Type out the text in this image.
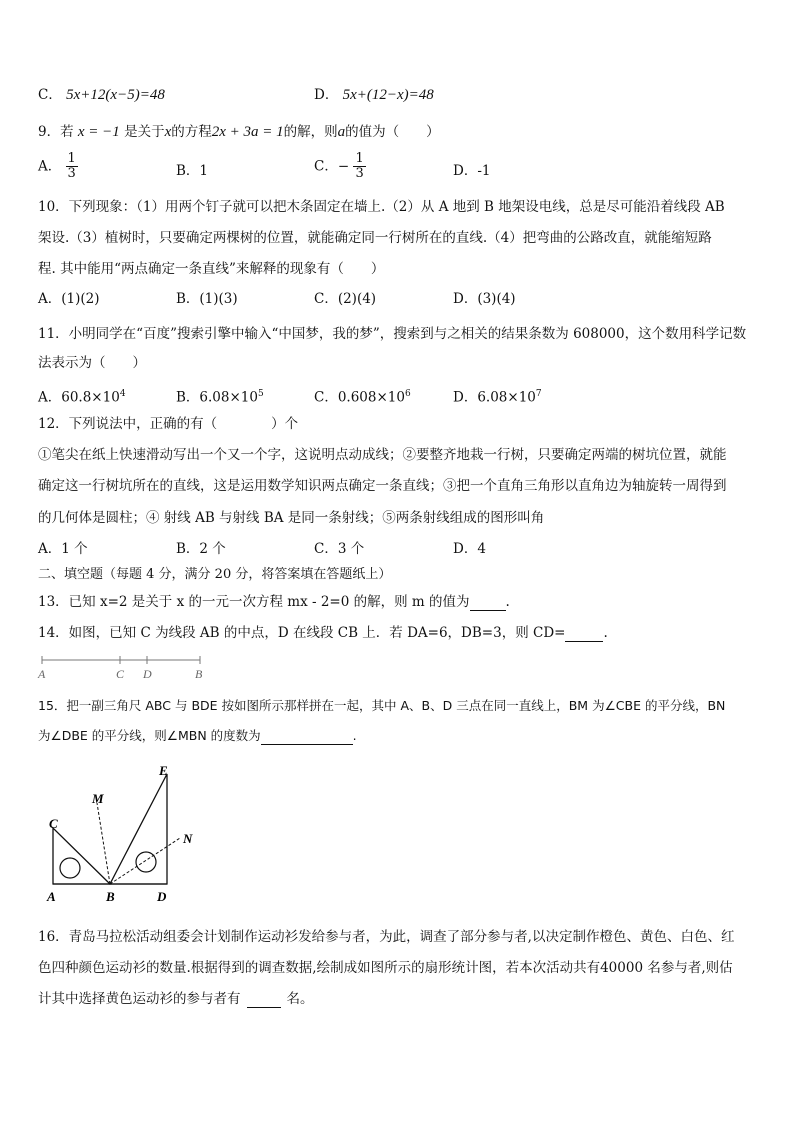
C． 5x+12(x−5)=48	D． 5x+(12−x)=48
9．若 x = −1 是关于x的方程2x + 3a = 1的解，则a的值为（　　）
A． $\frac{1}{3}$	B．1	C．− $\frac{1}{3}$	D．-1
10．下列现象：（1）用两个钉子就可以把木条固定在墙上.（2）从 A 地到 B 地架设电线，总是尽可能沿着线段 AB
架设.（3）植树时，只要确定两棵树的位置，就能确定同一行树所在的直线.（4）把弯曲的公路改直，就能缩短路
程. 其中能用“两点确定一条直线”来解释的现象有（　　）
A．(1)(2)	B．(1)(3)	C．(2)(4)	D．(3)(4)
11．小明同学在“百度”搜索引擎中输入“中国梦，我的梦”，搜索到与之相关的结果条数为 608000，这个数用科学记数
法表示为（　　）
A．$60.8\times 10^4$	B．$6.08\times 10^5$	C．$0.608\times 10^6$	D．$6.08\times 10^7$
12．下列说法中，正确的有（　　　　）个
①笔尖在纸上快速滑动写出一个又一个字，这说明点动成线；②要整齐地栽一行树，只要确定两端的树坑位置，就能
确定这一行树坑所在的直线，这是运用数学知识两点确定一条直线；③把一个直角三角形以直角边为轴旋转一周得到
的几何体是圆柱；④ 射线 AB 与射线 BA 是同一条射线；⑤两条射线组成的图形叫角
A．1 个	B．2 个	C．3 个	D．4
二、填空题（每题 4 分，满分 20 分，将答案填在答题纸上）
13．已知 x=2 是关于 x 的一元一次方程 mx - 2=0 的解，则 m 的值为	.
14．如图，已知 C 为线段 AB 的中点，D 在线段 CB 上．若 DA=6，DB=3，则 CD=	.
A	C D	B
15．把一副三角尺 ABC 与 BDE 按如图所示那样拼在一起，其中 A、B、D 三点在同一直线上，BM 为∠CBE 的平分线，BN
为∠DBE 的平分线，则∠MBN 的度数为	.
C
M
E
N
A	B	D
16．青岛马拉松活动组委会计划制作运动衫发给参与者，为此，调查了部分参与者,以决定制作橙色、黄色、白色、红
色四种颜色运动衫的数量.根据得到的调查数据,绘制成如图所示的扇形统计图，若本次活动共有40000 名参与者,则估
计其中选择黄色运动衫的参与者有	名。
